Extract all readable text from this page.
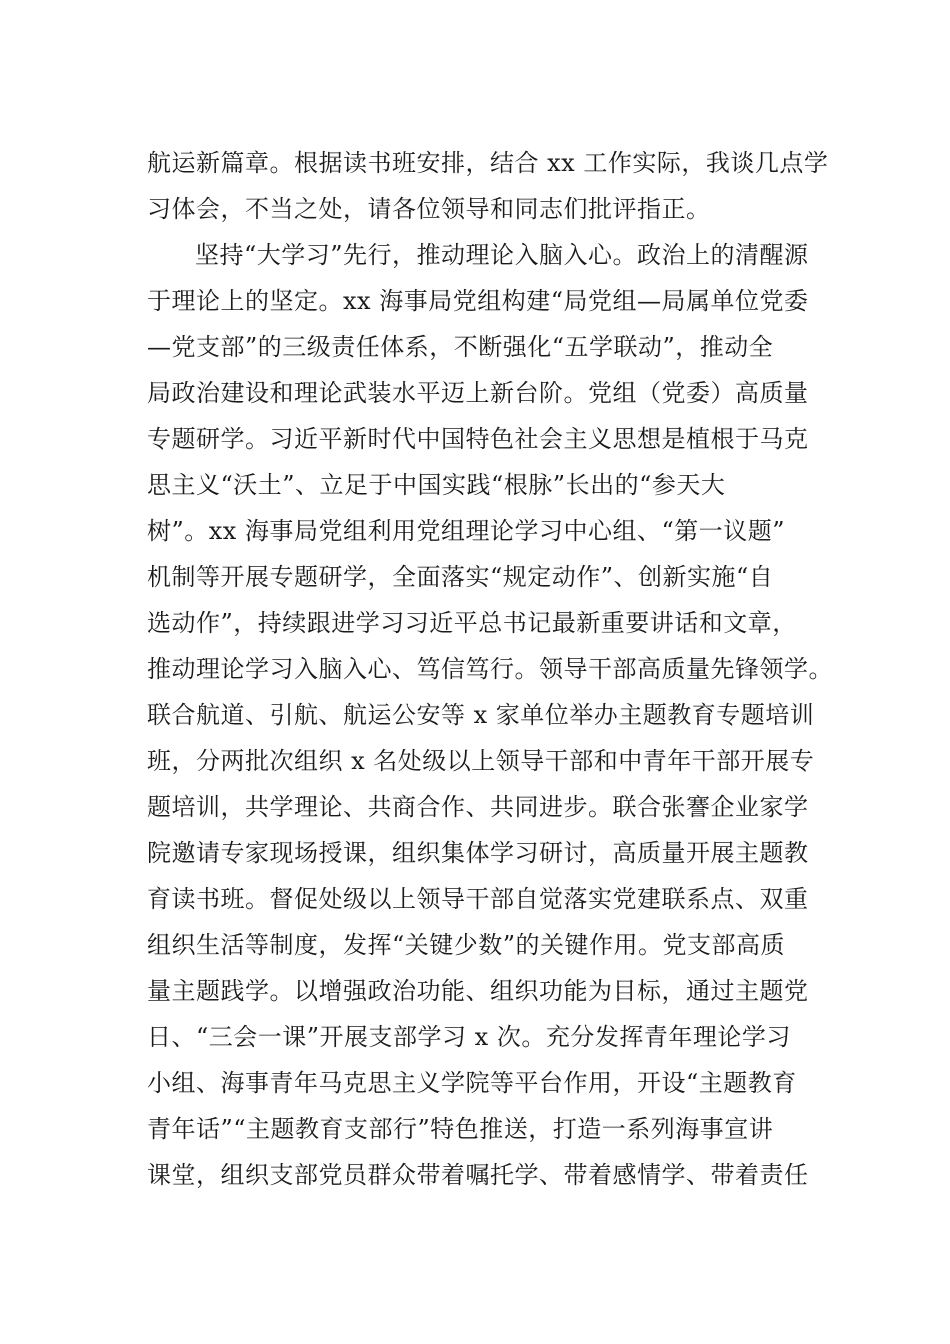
航运新篇章。根据读书班安排，结合 xx 工作实际，我谈几点学
习体会，不当之处，请各位领导和同志们批评指正。
坚持“大学习”先行，推动理论入脑入心。政治上的清醒源
于理论上的坚定。xx 海事局党组构建“局党组—局属单位党委
—党支部”的三级责任体系，不断强化“五学联动”，推动全
局政治建设和理论武装水平迈上新台阶。党组（党委）高质量
专题研学。习近平新时代中国特色社会主义思想是植根于马克
思主义“沃土”、立足于中国实践“根脉”长出的“参天大
树”。xx 海事局党组利用党组理论学习中心组、“第一议题”
机制等开展专题研学，全面落实“规定动作”、创新实施“自
选动作”，持续跟进学习习近平总书记最新重要讲话和文章，
推动理论学习入脑入心、笃信笃行。领导干部高质量先锋领学。
联合航道、引航、航运公安等 x 家单位举办主题教育专题培训
班，分两批次组织 x 名处级以上领导干部和中青年干部开展专
题培训，共学理论、共商合作、共同进步。联合张謇企业家学
院邀请专家现场授课，组织集体学习研讨，高质量开展主题教
育读书班。督促处级以上领导干部自觉落实党建联系点、双重
组织生活等制度，发挥“关键少数”的关键作用。党支部高质
量主题践学。以增强政治功能、组织功能为目标，通过主题党
日、“三会一课”开展支部学习 x 次。充分发挥青年理论学习
小组、海事青年马克思主义学院等平台作用，开设“主题教育
青年话”“主题教育支部行”特色推送，打造一系列海事宣讲
课堂，组织支部党员群众带着嘱托学、带着感情学、带着责任
